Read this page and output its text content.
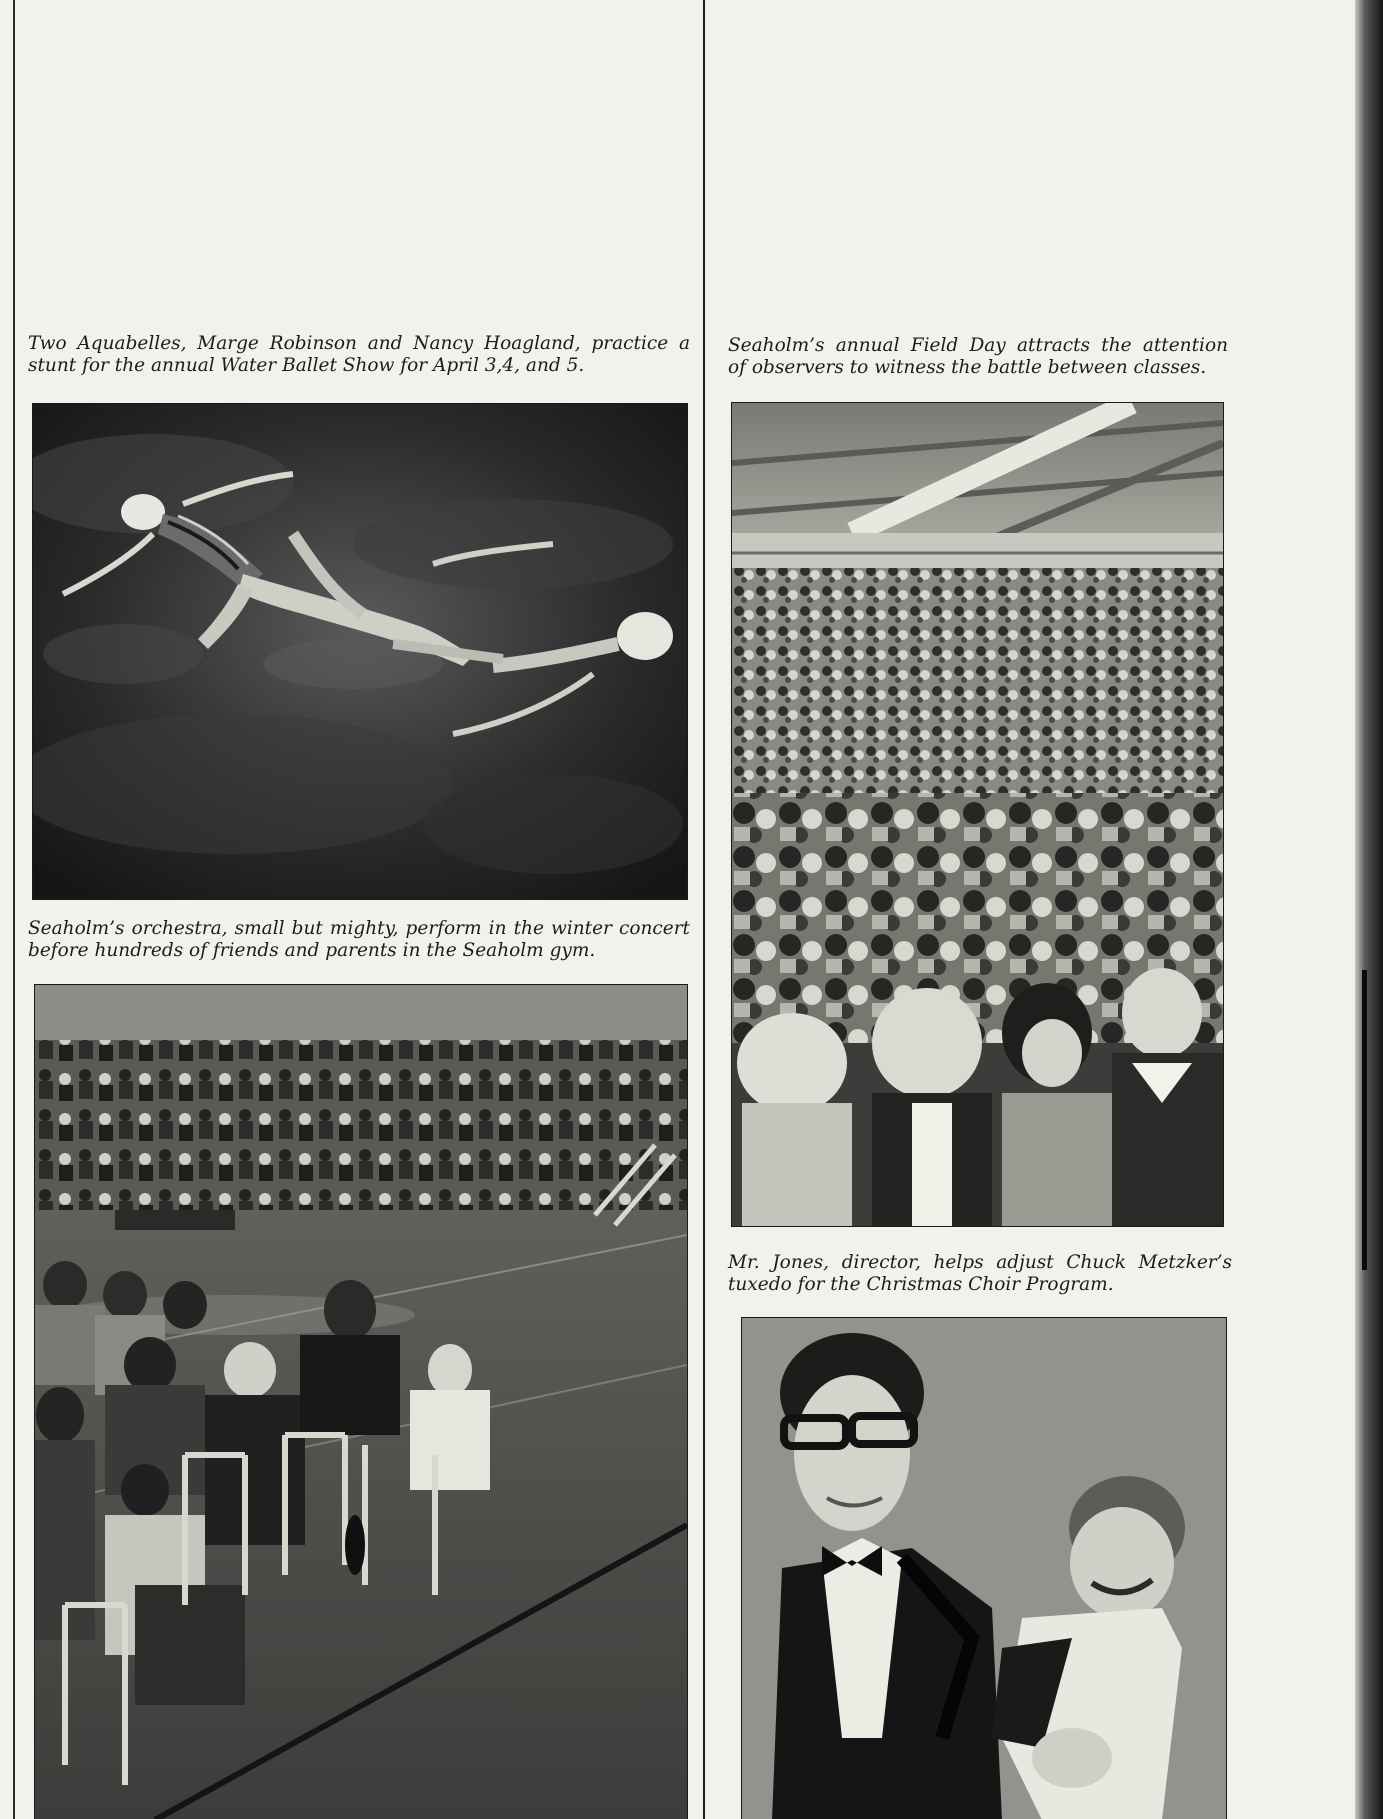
Two Aquabelles, Marge Robinson and Nancy Hoagland, practice a
stunt for the annual Water Ballet Show for April 3,4, and 5.

Seaholm’s annual Field Day attracts the attention
of observers to witness the battle between classes.

Seaholm’s orchestra, small but mighty, perform in the winter concert
before hundreds of friends and parents in the Seaholm gym.

Mr. Jones, director, helps adjust Chuck Metzker’s
tuxedo for the Christmas Choir Program.
